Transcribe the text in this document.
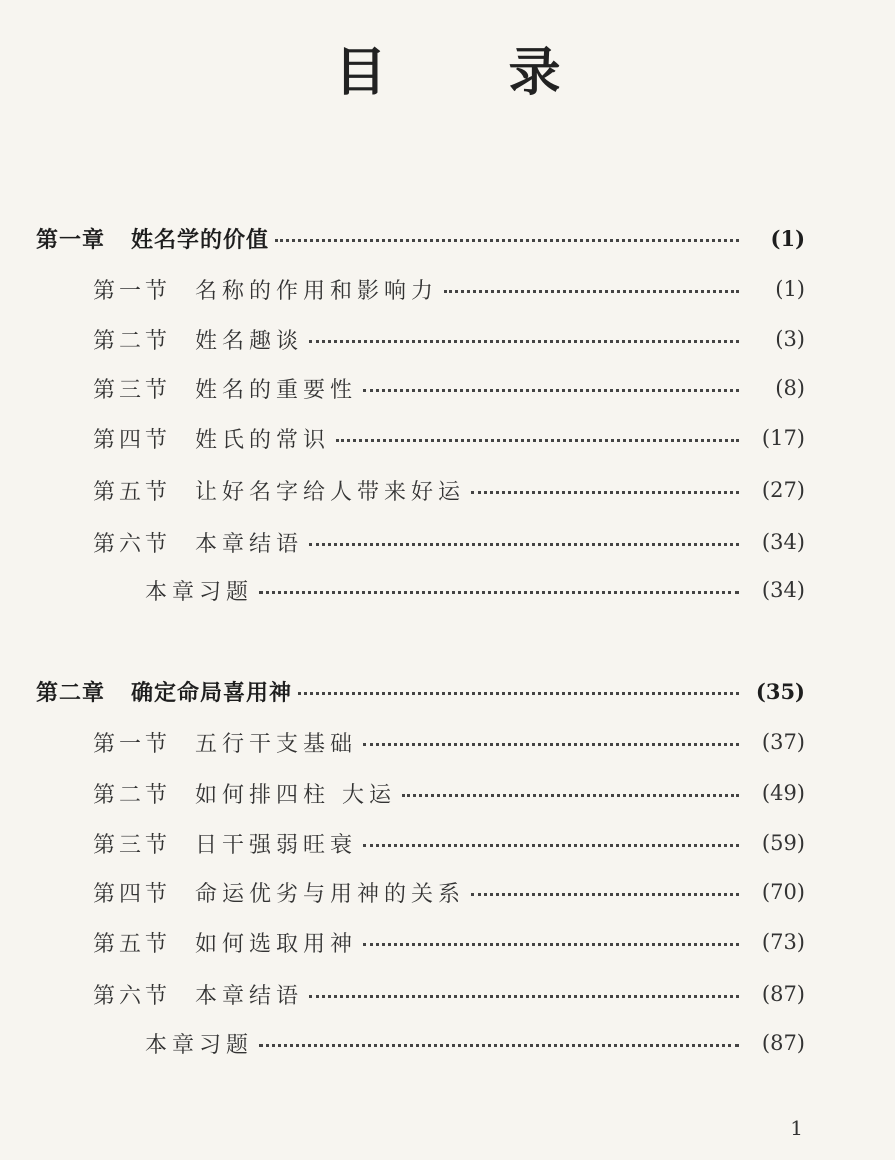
目 录
第一章 姓名学的价值	(1)
第一节 名称的作用和影响力	(1)
第二节 姓名趣谈	(3)
第三节 姓名的重要性	(8)
第四节 姓氏的常识	(17)
第五节 让好名字给人带来好运	(27)
第六节 本章结语	(34)
本章习题	(34)
第二章 确定命局喜用神	(35)
第一节 五行干支基础	(37)
第二节 如何排四柱 大运	(49)
第三节 日干强弱旺衰	(59)
第四节 命运优劣与用神的关系	(70)
第五节 如何选取用神	(73)
第六节 本章结语	(87)
本章习题	(87)
1
